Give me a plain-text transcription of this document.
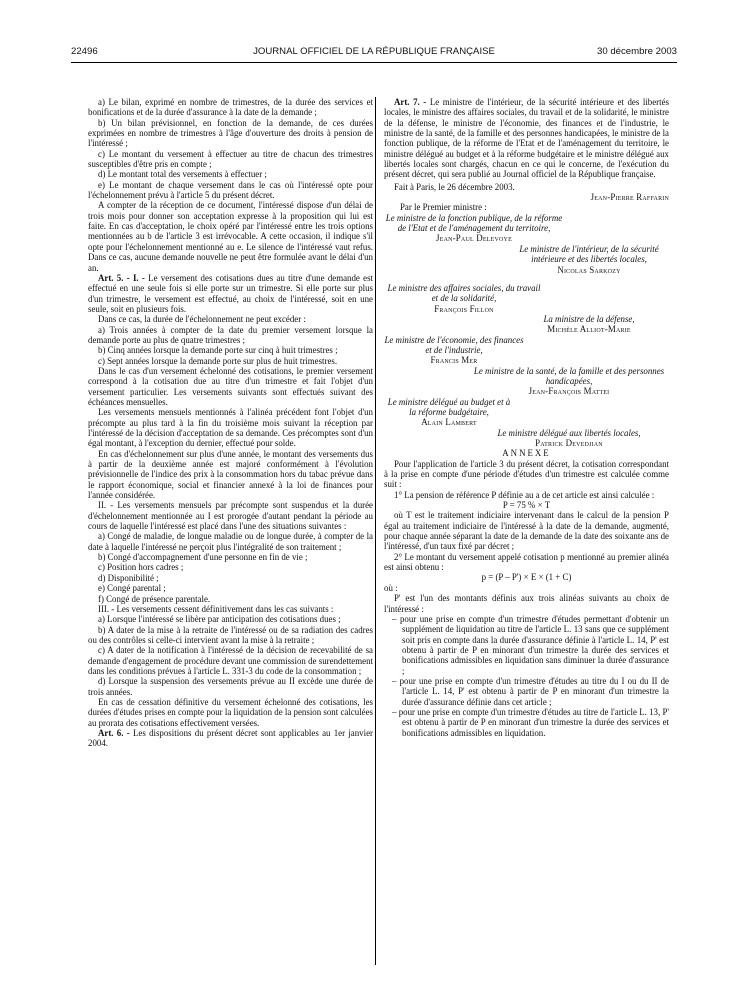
22496	JOURNAL OFFICIEL DE LA RÉPUBLIQUE FRANÇAISE	30 décembre 2003

a) Le bilan, exprimé en nombre de trimestres, de la durée des services et bonifications et de la durée d'assurance à la date de la demande ;

b) Un bilan prévisionnel, en fonction de la demande, de ces durées exprimées en nombre de trimestres à l'âge d'ouverture des droits à pension de l'intéressé ;

c) Le montant du versement à effectuer au titre de chacun des trimestres susceptibles d'être pris en compte ;

d) Le montant total des versements à effectuer ;

e) Le montant de chaque versement dans le cas où l'intéressé opte pour l'échelonnement prévu à l'article 5 du présent décret.

A compter de la réception de ce document, l'intéressé dispose d'un délai de trois mois pour donner son acceptation expresse à la proposition qui lui est faite. En cas d'acceptation, le choix opéré par l'intéressé entre les trois options mentionnées au b de l'article 3 est irrévocable. A cette occasion, il indique s'il opte pour l'échelonnement mentionné au e. Le silence de l'intéressé vaut refus. Dans ce cas, aucune demande nouvelle ne peut être formulée avant le délai d'un an.

Art. 5. - I. - Le versement des cotisations dues au titre d'une demande est effectué en une seule fois si elle porte sur un trimestre. Si elle porte sur plus d'un trimestre, le versement est effectué, au choix de l'intéressé, soit en une seule, soit en plusieurs fois.

Dans ce cas, la durée de l'échelonnement ne peut excéder :

a) Trois années à compter de la date du premier versement lorsque la demande porte au plus de quatre trimestres ;

b) Cinq années lorsque la demande porte sur cinq à huit trimestres ;

c) Sept années lorsque la demande porte sur plus de huit trimestres.

Dans le cas d'un versement échelonné des cotisations, le premier versement correspond à la cotisation due au titre d'un trimestre et fait l'objet d'un versement particulier. Les versements suivants sont effectués suivant des échéances mensuelles.

Les versements mensuels mentionnés à l'alinéa précédent font l'objet d'un précompte au plus tard à la fin du troisième mois suivant la réception par l'intéressé de la décision d'acceptation de sa demande. Ces précomptes sont d'un égal montant, à l'exception du dernier, effectué pour solde.

En cas d'échelonnement sur plus d'une année, le montant des versements dus à partir de la deuxième année est majoré conformément à l'évolution prévisionnelle de l'indice des prix à la consommation hors du tabac prévue dans le rapport économique, social et financier annexé à la loi de finances pour l'année considérée.

II. - Les versements mensuels par précompte sont suspendus et la durée d'échelonnement mentionnée au I est prorogée d'autant pendant la période au cours de laquelle l'intéressé est placé dans l'une des situations suivantes :

a) Congé de maladie, de longue maladie ou de longue durée, à compter de la date à laquelle l'intéressé ne perçoit plus l'intégralité de son traitement ;

b) Congé d'accompagnement d'une personne en fin de vie ;

c) Position hors cadres ;

d) Disponibilité ;

e) Congé parental ;

f) Congé de présence parentale.

III. - Les versements cessent définitivement dans les cas suivants :

a) Lorsque l'intéressé se libère par anticipation des cotisations dues ;

b) A dater de la mise à la retraite de l'intéressé ou de sa radiation des cadres ou des contrôles si celle-ci intervient avant la mise à la retraite ;

c) A dater de la notification à l'intéressé de la décision de recevabilité de sa demande d'engagement de procédure devant une commission de surendettement dans les conditions prévues à l'article L. 331-3 du code de la consommation ;

d) Lorsque la suspension des versements prévue au II excède une durée de trois années.

En cas de cessation définitive du versement échelonné des cotisations, les durées d'études prises en compte pour la liquidation de la pension sont calculées au prorata des cotisations effectivement versées.

Art. 6. - Les dispositions du présent décret sont applicables au 1er janvier 2004.

Art. 7. - Le ministre de l'intérieur, de la sécurité intérieure et des libertés locales, le ministre des affaires sociales, du travail et de la solidarité, le ministre de la défense, le ministre de l'économie, des finances et de l'industrie, le ministre de la santé, de la famille et des personnes handicapées, le ministre de la fonction publique, de la réforme de l'Etat et de l'aménagement du territoire, le ministre délégué au budget et à la réforme budgétaire et le ministre délégué aux libertés locales sont chargés, chacun en ce qui le concerne, de l'exécution du présent décret, qui sera publié au Journal officiel de la République française.

Fait à Paris, le 26 décembre 2003.

Jean-Pierre Raffarin

Par le Premier ministre :

Le ministre de la fonction publique, de la réforme de l'Etat et de l'aménagement du territoire,

Jean-Paul Delevoye

Le ministre de l'intérieur, de la sécurité intérieure et des libertés locales,

Nicolas Sarkozy

Le ministre des affaires sociales, du travail et de la solidarité,

François Fillon

La ministre de la défense,

Michèle Alliot-Marie

Le ministre de l'économie, des finances et de l'industrie,

Francis Mer

Le ministre de la santé, de la famille et des personnes handicapées,

Jean-François Mattei

Le ministre délégué au budget et à la réforme budgétaire,

Alain Lambert

Le ministre délégué aux libertés locales,

Patrick Devedjian

ANNEXE

Pour l'application de l'article 3 du présent décret, la cotisation correspondant à la prise en compte d'une période d'études d'un trimestre est calculée comme suit :

1° La pension de référence P définie au a de cet article est ainsi calculée :

P = 75 % × T

où T est le traitement indiciaire intervenant dans le calcul de la pension P égal au traitement indiciaire de l'intéressé à la date de la demande, augmenté, pour chaque année séparant la date de la demande de la date des soixante ans de l'intéressé, d'un taux fixé par décret ;

2° Le montant du versement appelé cotisation p mentionné au premier alinéa est ainsi obtenu :

p = (P – P') × E × (1 + C)

où :

P' est l'un des montants définis aux trois alinéas suivants au choix de l'intéressé :

– pour une prise en compte d'un trimestre d'études permettant d'obtenir un supplément de liquidation au titre de l'article L. 13 sans que ce supplément soit pris en compte dans la durée d'assurance définie à l'article L. 14, P' est obtenu à partir de P en minorant d'un trimestre la durée des services et bonifications admissibles en liquidation sans diminuer la durée d'assurance ;

– pour une prise en compte d'un trimestre d'études au titre du I ou du II de l'article L. 14, P' est obtenu à partir de P en minorant d'un trimestre la durée d'assurance définie dans cet article ;

– pour une prise en compte d'un trimestre d'études au titre de l'article L. 13, P' est obtenu à partir de P en minorant d'un trimestre la durée des services et bonifications admissibles en liquidation.
